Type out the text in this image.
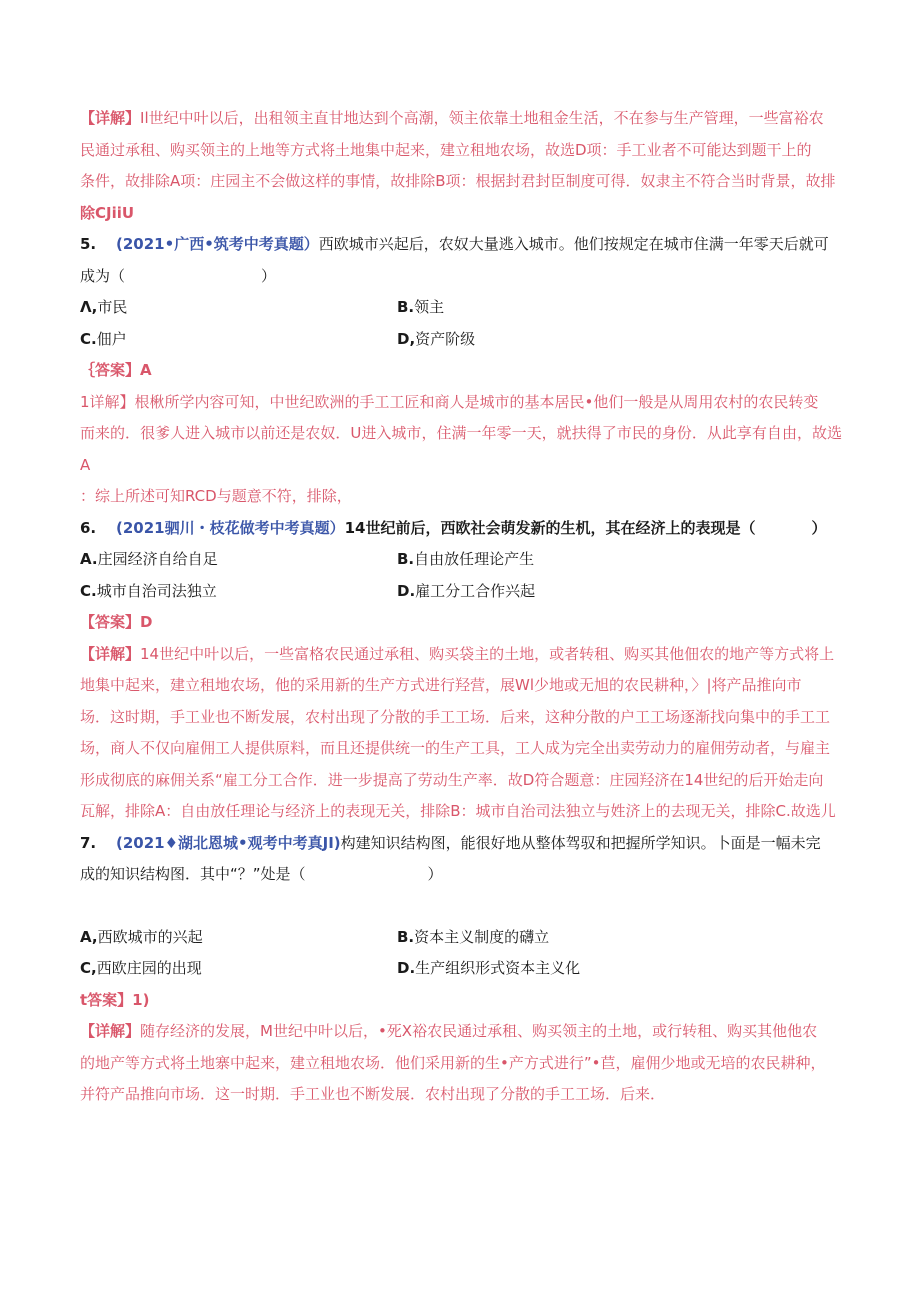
【详解】Il世纪中叶以后，出租领主直甘地达到个高潮，领主依靠土地租金生活，不在参与生产管理，一些富裕农

民通过承租、购买领主的上地等方式将土地集中起来，建立租地农场，故选D项：手工业者不可能达到题干上的

条件，故排除A项：庄园主不会做这样的事情，故排除B项：根据封君封臣制度可得．奴隶主不符合当时背景，故排

除CJiiU

5. (2021•广西•筑考中考真题）西欧城市兴起后，农奴大量逃入城市。他们按规定在城市住满一年零天后就可

成为（	）

Λ,市民	B.领主
C.佃户	D,资产阶级

｛答案】A

1详解】根楸所学内容可知，中世纪欧洲的手工工匠和商人是城市的基本居民•他们一般是从周用农村的农民转变

而来的．很爹人进入城市以前还是农奴．U进入城市，住满一年零一天，就扶得了市民的身份．从此享有自由，故选A

：综上所述可知RCD与题意不符，排除，

6. (2021驷川・枝花做考中考真题）14世纪前后，西欧社会萌发新的生机，其在经济上的表现是（	）

A.庄园经济自给自足	B.自由放任理论产生
C.城市自治司法独立	D.雇工分工合作兴起

【答案】D

【详解】14世纪中叶以后，一些富格农民通过承租、购买袋主的土地，或者转租、购买其他佃农的地产等方式将上

地集中起来，建立租地农场，他的采用新的生产方式进行羟营，展Wl少地或无旭的农民耕种，〉|将产品推向市

场．这时期，手工业也不断发展，农村出现了分散的手工工场．后来，这种分散的户工工场逐渐找向集中的手工工

场，商人不仅向雇佣工人提供原料，而且还提供统一的生产工具，工人成为完全出卖劳动力的雇佣劳动者，与雇主

形成彻底的麻佣关系“雇工分工合作．进一步提高了劳动生产率．故D符合题意：庄园羟济在14世纪的后开始走向

瓦解，排除A：自由放任理论与经济上的表现无关，排除B：城市自治司法独立与姓济上的去现无关，排除C.故选儿

7. (2021♦湖北恩城•观考中考真JI)构建知识结构图，能很好地从整体驾驭和把握所学知识。卜面是一幅未完

成的知识结构图．其中“？”处是（	）

A,西欧城市的兴起	B.资本主义制度的礴立
C,西欧庄园的出现	D.生产组织形式资本主义化

t答案】1)

【详解】随存经济的发展，M世纪中叶以后，•死X裕农民通过承租、购买领主的土地，或行转租、购买其他他农

的地产等方式将土地寨中起来，建立租地农场．他们采用新的生•产方式进行”•苣，雇佣少地或无培的农民耕种，

并符产品推向市场．这一时期．手工业也不断发展．农村出现了分散的手工工场．后来．
